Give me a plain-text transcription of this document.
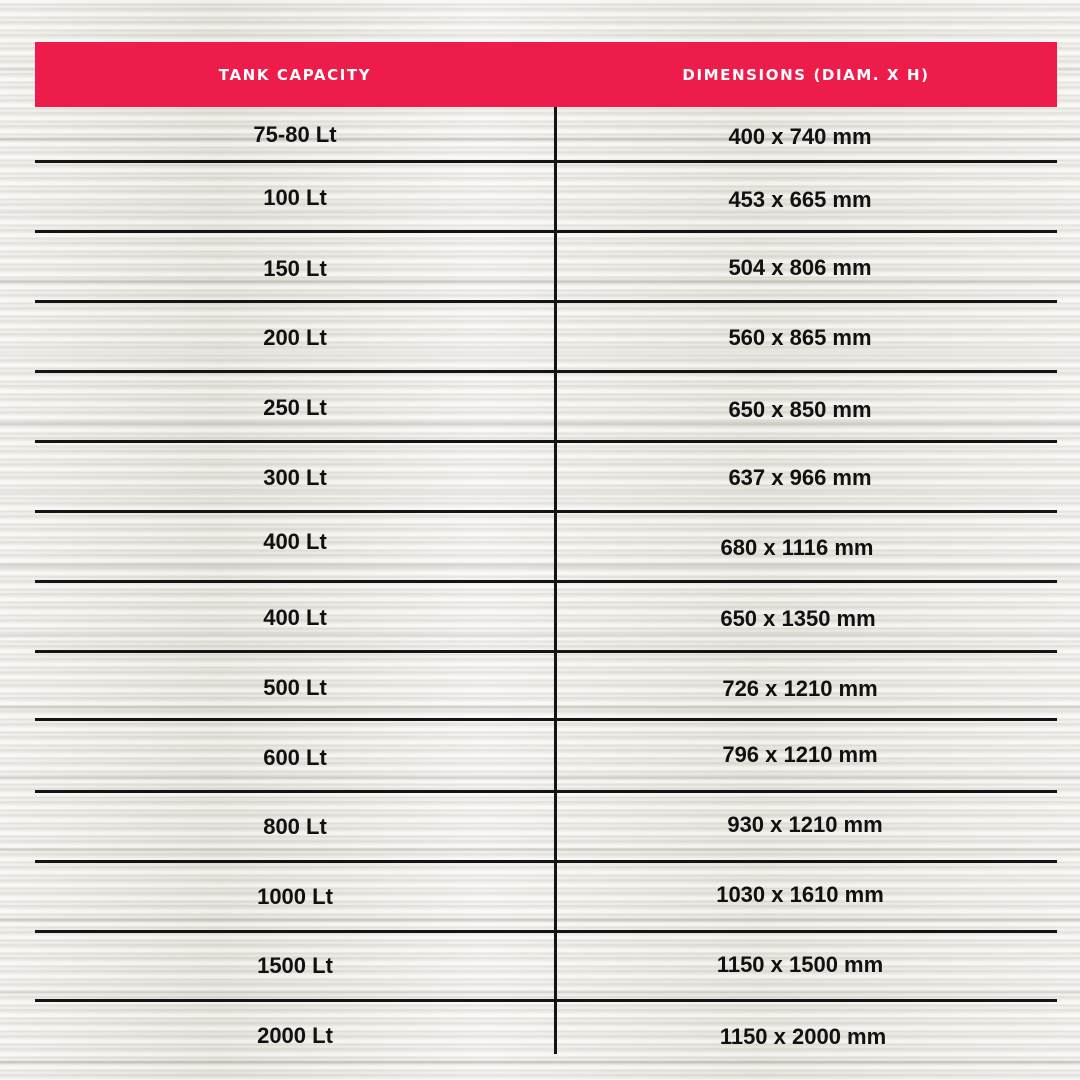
TANK CAPACITY	DIMENSIONS (DIAM. X H)
75-80 Lt	400 x 740 mm
100 Lt	453 x 665 mm
150 Lt	504 x 806 mm
200 Lt	560 x 865 mm
250 Lt	650 x 850 mm
300 Lt	637 x 966 mm
400 Lt	680 x 1116 mm
400 Lt	650 x 1350 mm
500 Lt	726 x 1210 mm
600 Lt	796 x 1210 mm
800 Lt	930 x 1210 mm
1000 Lt	1030 x 1610 mm
1500 Lt	1150 x 1500 mm
2000 Lt	1150 x 2000 mm
